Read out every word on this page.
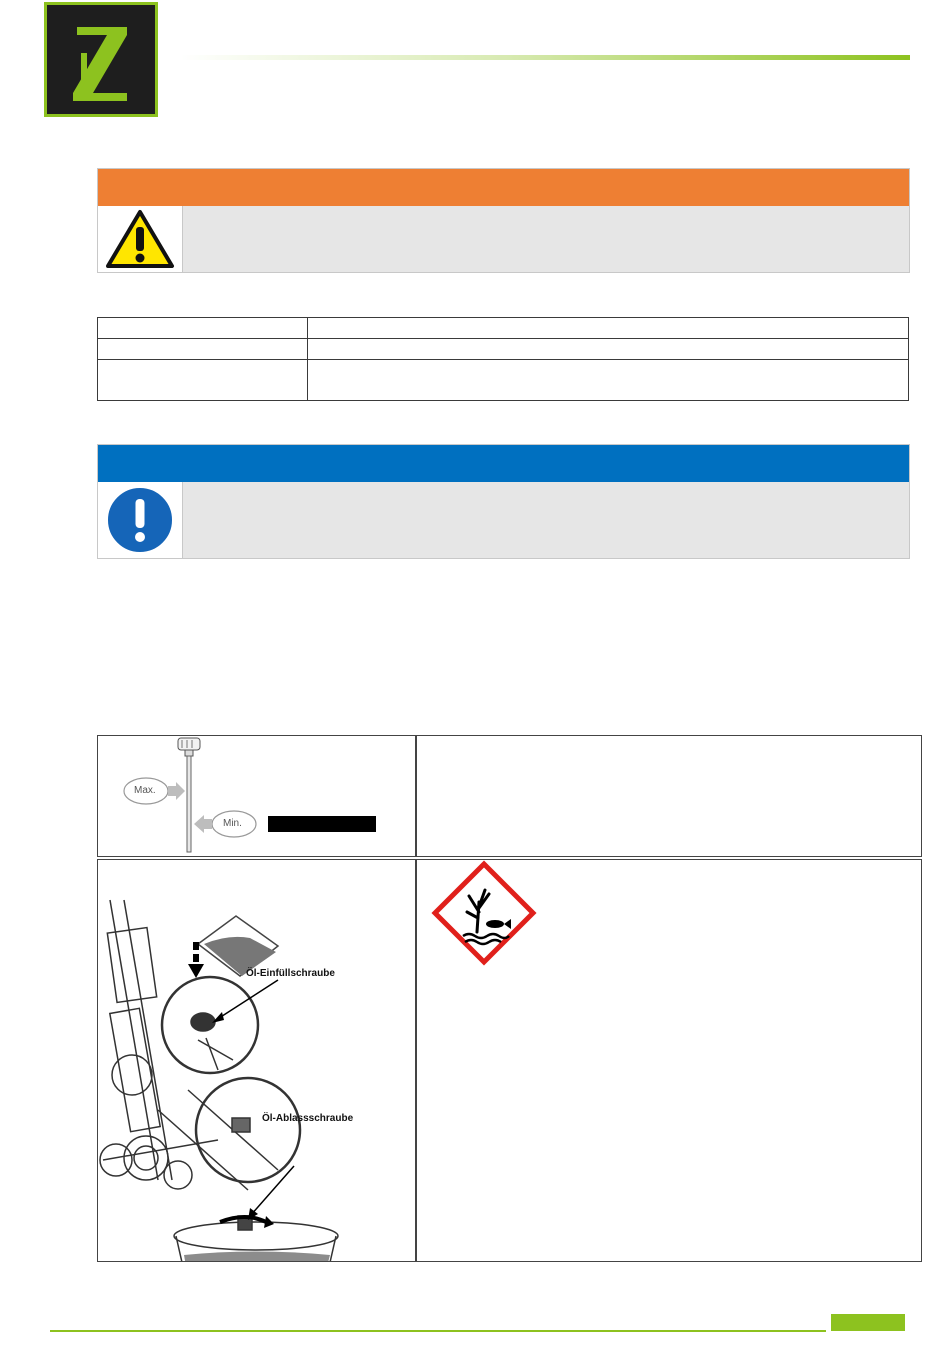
Max.
Min.
Öl-Einfüllschraube
Öl-Ablassschraube
